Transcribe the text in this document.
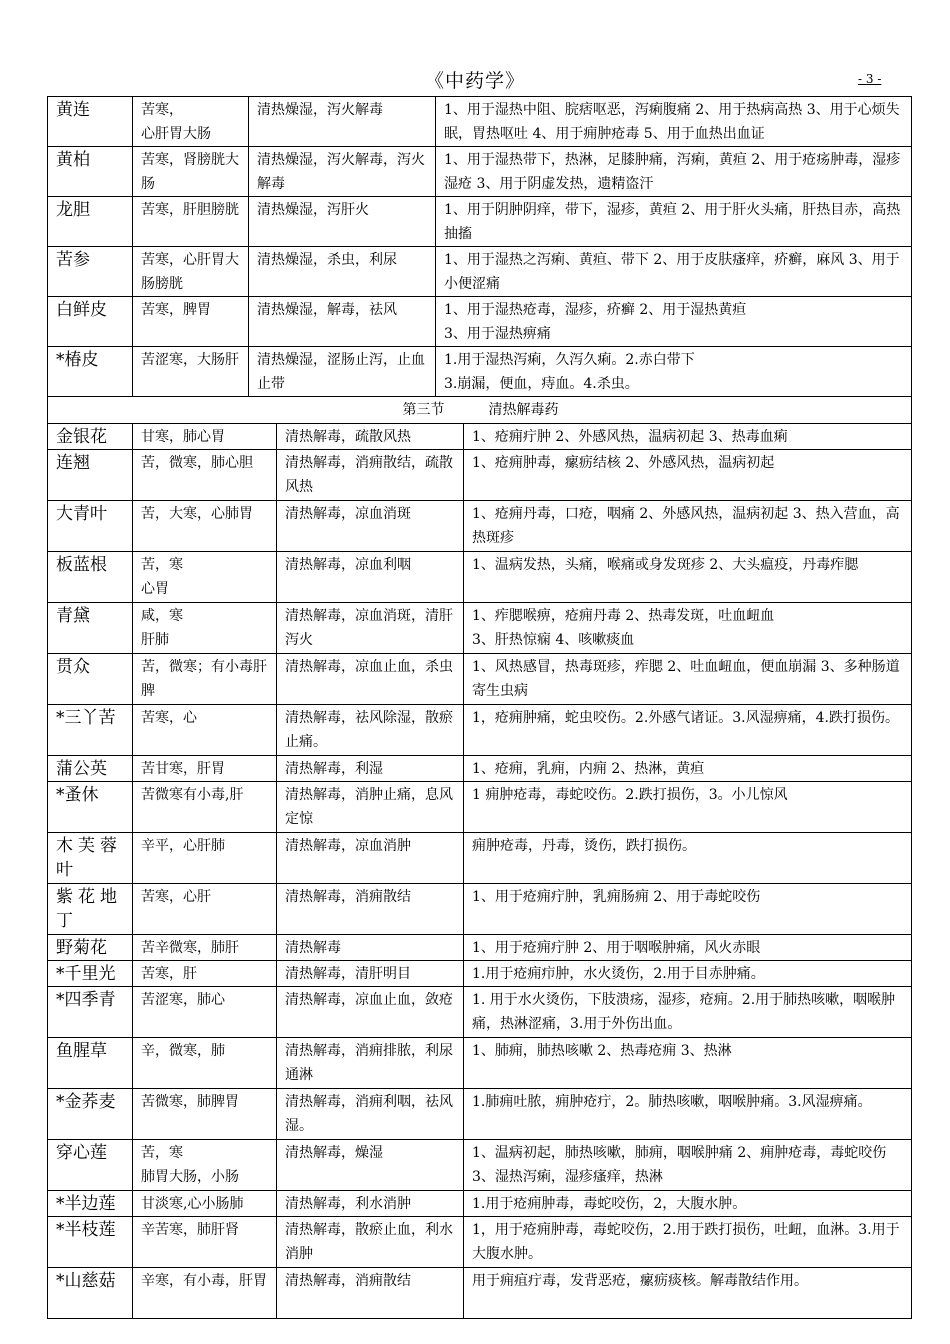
《中药学》	- 3 -
黄连	苦寒，
心肝胃大肠	清热燥湿，泻火解毒		1、用于湿热中阻、脘痞呕恶，泻痢腹痛 2、用于热病高热 3、用于心烦失眠，胃热呕吐 4、用于痈肿疮毒 5、用于血热出血证	
黄柏	苦寒，肾膀胱大肠	清热燥湿，泻火解毒，泻火解毒		1、用于湿热带下，热淋，足膝肿痛，泻痢，黄疸 2、用于疮疡肿毒，湿疹湿疮 3、用于阴虚发热，遗精盗汗	
龙胆	苦寒，肝胆膀胱	清热燥湿，泻肝火		1、用于阴肿阴痒，带下，湿疹，黄疸 2、用于肝火头痛，肝热目赤，高热抽搐	
苦参	苦寒，心肝胃大肠膀胱	清热燥湿，杀虫，利尿		1、用于湿热之泻痢、黄疸、带下 2、用于皮肤瘙痒，疥癣，麻风 3、用于小便涩痛	
白鲜皮	苦寒，脾胃	清热燥湿，解毒，祛风		1、用于湿热疮毒，湿疹，疥癣 2、用于湿热黄疸
3、用于湿热痹痛	
*椿皮	苦涩寒，大肠肝	清热燥湿，涩肠止泻，止血止带		1.用于湿热泻痢，久泻久痢。2.赤白带下
3.崩漏，便血，痔血。4.杀虫。	
第三节 清热解毒药					
金银花	甘寒，肺心胃		清热解毒，疏散风热		1、疮痈疔肿 2、外感风热，温病初起 3、热毒血痢
连翘	苦，微寒，肺心胆		清热解毒，消痈散结，疏散风热		1、疮痈肿毒，瘰疬结核 2、外感风热，温病初起
大青叶	苦，大寒，心肺胃		清热解毒，凉血消斑		1、疮痈丹毒，口疮，咽痛 2、外感风热，温病初起 3、热入营血，高热斑疹
板蓝根	苦，寒
心胃		清热解毒，凉血利咽		1、温病发热，头痛，喉痛或身发斑疹 2、大头瘟疫，丹毒痄腮
青黛	咸，寒
肝肺		清热解毒，凉血消斑，清肝泻火		1、痄腮喉痹，疮痈丹毒 2、热毒发斑，吐血衄血
3、肝热惊痫 4、咳嗽痰血
贯众	苦，微寒；有小毒肝脾		清热解毒，凉血止血，杀虫		1、风热感冒，热毒斑疹，痄腮 2、吐血衄血，便血崩漏 3、多种肠道寄生虫病
*三丫苦	苦寒，心		清热解毒，祛风除湿，散瘀止痛。		1，疮痈肿痛，蛇虫咬伤。2.外感气诸证。3.风湿痹痛，4.跌打损伤。
蒲公英	苦甘寒，肝胃		清热解毒，利湿		1、疮痈，乳痈，内痈 2、热淋，黄疸
*蚤休	苦微寒有小毒,肝		清热解毒，消肿止痛，息风定惊		1 痈肿疮毒，毒蛇咬伤。2.跌打损伤，3。小儿惊风
木芙蓉叶	辛平，心肝肺		清热解毒，凉血消肿		痈肿疮毒，丹毒，烫伤，跌打损伤。
紫花地丁	苦寒，心肝		清热解毒，消痈散结		1、用于疮痈疔肿，乳痈肠痈 2、用于毒蛇咬伤
野菊花	苦辛微寒，肺肝		清热解毒		1、用于疮痈疔肿 2、用于咽喉肿痛，风火赤眼
*千里光	苦寒，肝		清热解毒，清肝明目		1.用于疮痈疖肿，水火烫伤，2.用于目赤肿痛。
*四季青	苦涩寒，肺心		清热解毒，凉血止血，敛疮		1. 用于水火烫伤，下肢溃疡，湿疹，疮痈。2.用于肺热咳嗽，咽喉肿痛，热淋涩痛，3.用于外伤出血。
鱼腥草	辛，微寒，肺		清热解毒，消痈排脓，利尿通淋		1、肺痈，肺热咳嗽 2、热毒疮痈 3、热淋
*金荞麦	苦微寒，肺脾胃		清热解毒，消痈利咽，祛风湿。		1.肺痈吐脓，痈肿疮疔，2。肺热咳嗽，咽喉肿痛。3.风湿痹痛。
穿心莲	苦，寒
肺胃大肠，小肠		清热解毒，燥湿		1、温病初起，肺热咳嗽，肺痈，咽喉肿痛 2、痈肿疮毒，毒蛇咬伤 3、湿热泻痢，湿疹瘙痒，热淋
*半边莲	甘淡寒,心小肠肺		清热解毒，利水消肿		1.用于疮痈肿毒，毒蛇咬伤，2，大腹水肿。
*半枝莲	辛苦寒，肺肝肾		清热解毒，散瘀止血，利水消肿		1，用于疮痈肿毒，毒蛇咬伤，2.用于跌打损伤，吐衄，血淋。3.用于大腹水肿。
*山慈菇	辛寒，有小毒，肝胃		清热解毒，消痈散结		用于痈疽疔毒，发背恶疮，瘰疬痰核。解毒散结作用。
